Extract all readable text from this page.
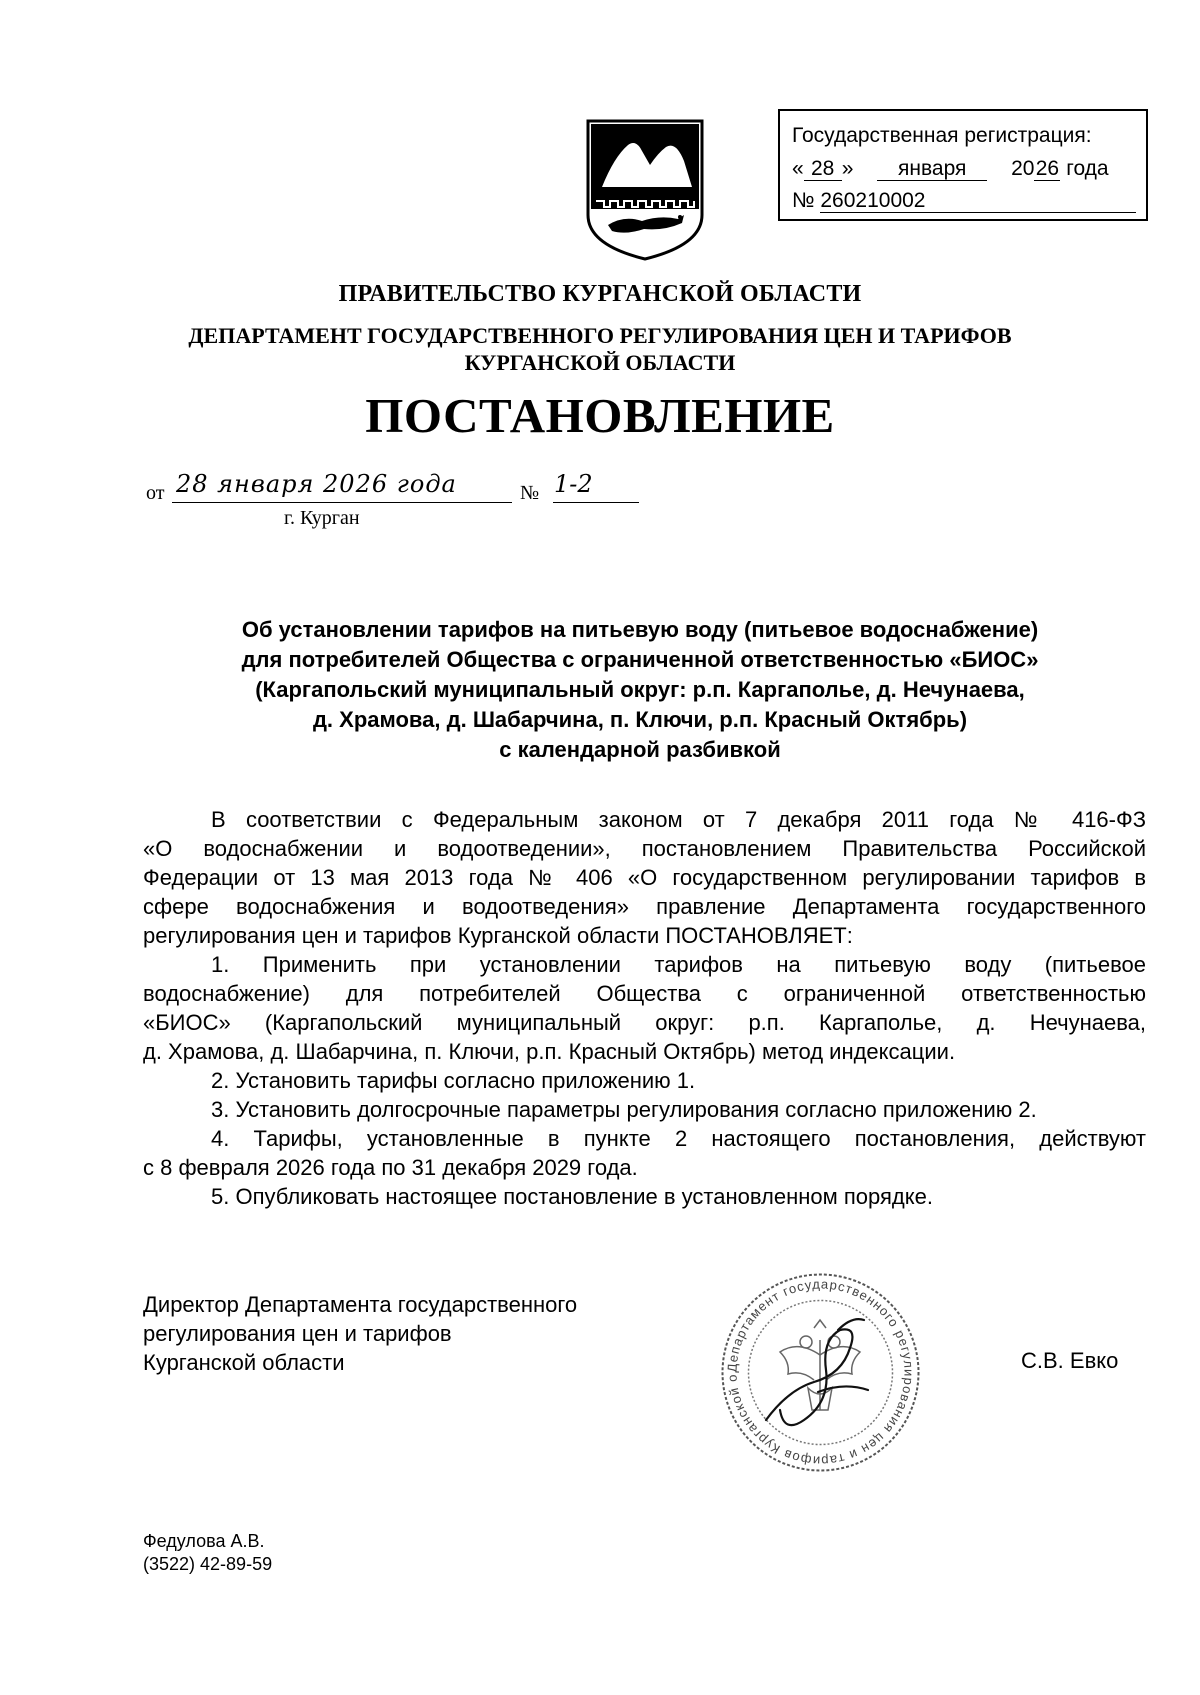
Государственная регистрация:
« 28 » января 2026 года
№ 260210002
ПРАВИТЕЛЬСТВО КУРГАНСКОЙ ОБЛАСТИ
ДЕПАРТАМЕНТ ГОСУДАРСТВЕННОГО РЕГУЛИРОВАНИЯ ЦЕН И ТАРИФОВ
КУРГАНСКОЙ ОБЛАСТИ
ПОСТАНОВЛЕНИЕ
от 28 января 2026 года	№ 1-2
г. Курган
Об установлении тарифов на питьевую воду (питьевое водоснабжение)
для потребителей Общества с ограниченной ответственностью «БИОС»
(Каргапольский муниципальный округ: р.п. Каргаполье, д. Нечунаева,
д. Храмова, д. Шабарчина, п. Ключи, р.п. Красный Октябрь)
с календарной разбивкой
В соответствии с Федеральным законом от 7 декабря 2011 года № 416-ФЗ
«О водоснабжении и водоотведении», постановлением Правительства Российской
Федерации от 13 мая 2013 года № 406 «О государственном регулировании тарифов в
сфере водоснабжения и водоотведения» правление Департамента государственного
регулирования цен и тарифов Курганской области ПОСТАНОВЛЯЕТ:
1. Применить при установлении тарифов на питьевую воду (питьевое
водоснабжение) для потребителей Общества с ограниченной ответственностью
«БИОС» (Каргапольский муниципальный округ: р.п. Каргаполье, д. Нечунаева,
д. Храмова, д. Шабарчина, п. Ключи, р.п. Красный Октябрь) метод индексации.
2. Установить тарифы согласно приложению 1.
3. Установить долгосрочные параметры регулирования согласно приложению 2.
4. Тарифы, установленные в пункте 2 настоящего постановления, действуют
с 8 февраля 2026 года по 31 декабря 2029 года.
5. Опубликовать настоящее постановление в установленном порядке.
Директор Департамента государственного
регулирования цен и тарифов
Курганской области	Департамент государственного регулирования цен и тарифов Курганской о
С.В. Евко
Федулова А.В.
(3522) 42-89-59
